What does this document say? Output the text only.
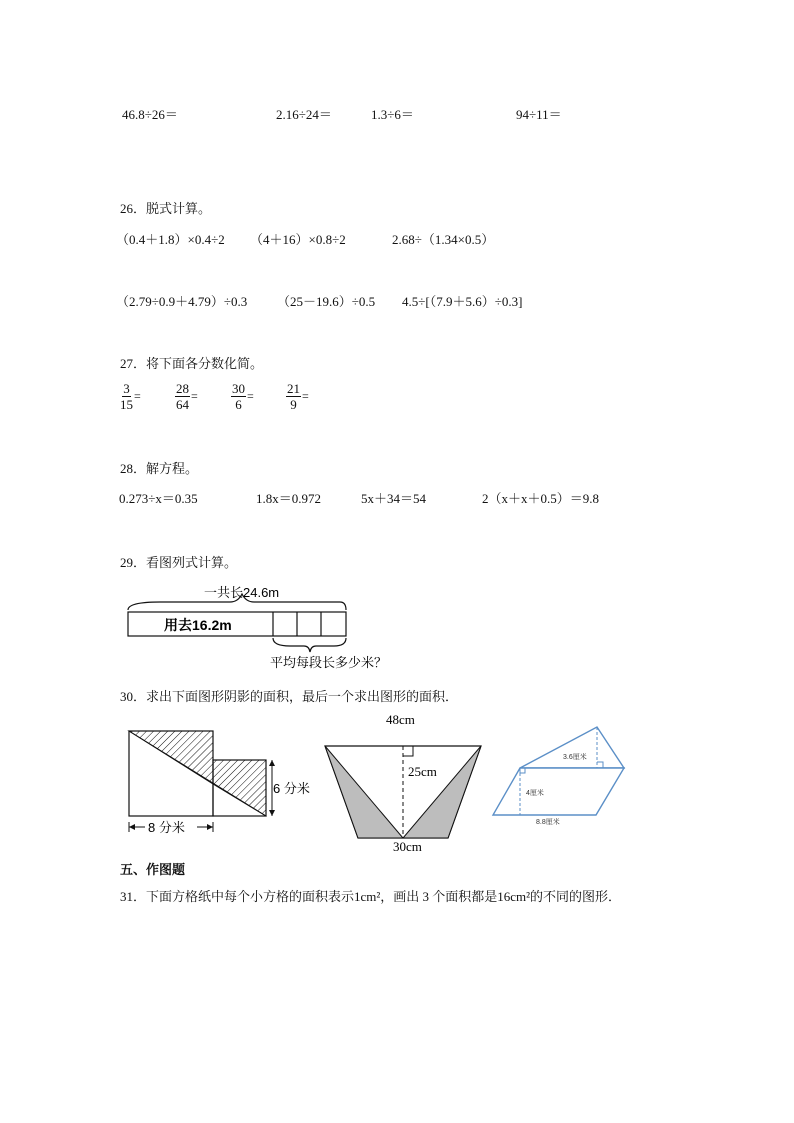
46.8÷26＝	2.16÷24＝	1.3÷6＝	94÷11＝
26．脱式计算。
（0.4＋1.8）×0.4÷2 （4＋16）×0.8÷2	2.68÷（1.34×0.5）
（2.79÷0.9＋4.79）÷0.3 （25－19.6）÷0.5 4.5÷[（7.9＋5.6）÷0.3]
27．将下面各分数化简。
$\frac{3}{15}$ =	$\frac{28}{64}$ =	$\frac{30}{6} = \frac{21}{9}$ =
28．解方程。
0.273÷x＝0.35	1.8x＝0.972	5x＋34＝54	2（x＋x＋0.5）＝9.8
29．看图列式计算。
一共长24.6m
用去16.2m
平均每段长多少米？
30．求出下面图形阴影的面积，最后一个求出图形的面积．
6 分米
8 分米
48cm
25cm
30cm
3.6厘米
4厘米
8.8厘米
五、作图题
31．下面方格纸中每个小方格的面积表示1cm²，画出 3 个面积都是16cm²的不同的图形．
